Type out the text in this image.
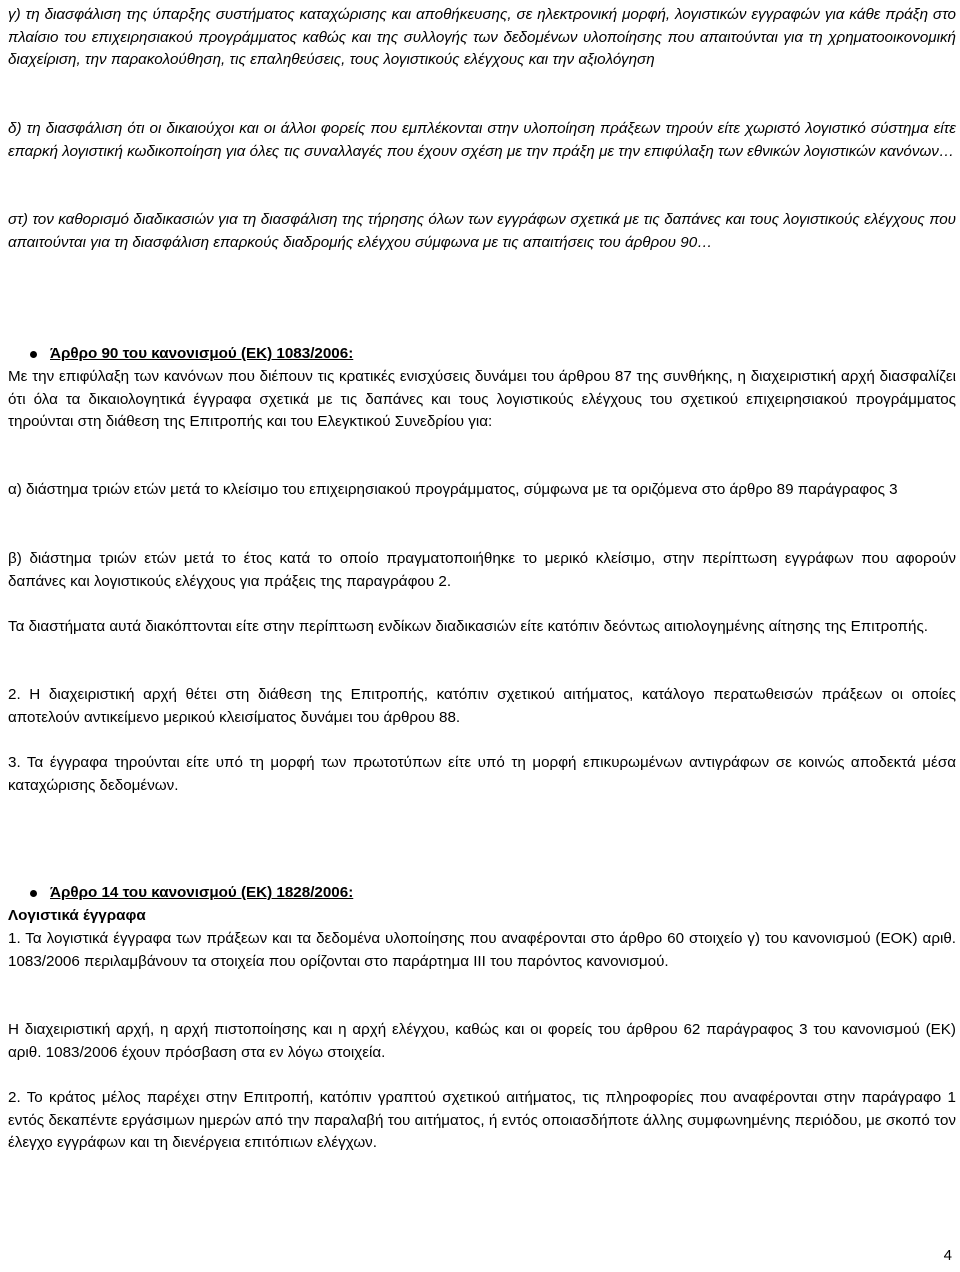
γ) τη διασφάλιση της ύπαρξης συστήματος καταχώρισης και αποθήκευσης, σε ηλεκτρονική μορφή, λογιστικών εγγραφών για κάθε πράξη στο πλαίσιο του επιχειρησιακού προγράμματος καθώς και της συλλογής των δεδομένων υλοποίησης που απαιτούνται για τη χρηματοοικονομική διαχείριση, την παρακολούθηση, τις επαληθεύσεις, τους λογιστικούς ελέγχους και την αξιολόγηση

δ) τη διασφάλιση ότι οι δικαιούχοι και οι άλλοι φορείς που εμπλέκονται στην υλοποίηση πράξεων τηρούν είτε χωριστό λογιστικό σύστημα είτε επαρκή λογιστική κωδικοποίηση για όλες τις συναλλαγές που έχουν σχέση με την πράξη με την επιφύλαξη των εθνικών λογιστικών κανόνων…

στ) τον καθορισμό διαδικασιών για τη διασφάλιση της τήρησης όλων των εγγράφων σχετικά με τις δαπάνες και τους λογιστικούς ελέγχους που απαιτούνται για τη διασφάλιση επαρκούς διαδρομής ελέγχου σύμφωνα με τις απαιτήσεις του άρθρου 90…

Άρθρο 90 του κανονισμού (ΕΚ) 1083/2006:

Με την επιφύλαξη των κανόνων που διέπουν τις κρατικές ενισχύσεις δυνάμει του άρθρου 87 της συνθήκης, η διαχειριστική αρχή διασφαλίζει ότι όλα τα δικαιολογητικά έγγραφα σχετικά με τις δαπάνες και τους λογιστικούς ελέγχους του σχετικού επιχειρησιακού προγράμματος τηρούνται στη διάθεση της Επιτροπής και του Ελεγκτικού Συνεδρίου για:

α) διάστημα τριών ετών μετά το κλείσιμο του επιχειρησιακού προγράμματος, σύμφωνα με τα οριζόμενα στο άρθρο 89 παράγραφος 3

β) διάστημα τριών ετών μετά το έτος κατά το οποίο πραγματοποιήθηκε το μερικό κλείσιμο, στην περίπτωση εγγράφων που αφορούν δαπάνες και λογιστικούς ελέγχους για πράξεις της παραγράφου 2.

Τα διαστήματα αυτά διακόπτονται είτε στην περίπτωση ενδίκων διαδικασιών είτε κατόπιν δεόντως αιτιολογημένης αίτησης της Επιτροπής.

2. Η διαχειριστική αρχή θέτει στη διάθεση της Επιτροπής, κατόπιν σχετικού αιτήματος, κατάλογο περατωθεισών πράξεων οι οποίες αποτελούν αντικείμενο μερικού κλεισίματος δυνάμει του άρθρου 88.

3. Τα έγγραφα τηρούνται είτε υπό τη μορφή των πρωτοτύπων είτε υπό τη μορφή επικυρωμένων αντιγράφων σε κοινώς αποδεκτά μέσα καταχώρισης δεδομένων.

Άρθρο 14 του κανονισμού (ΕΚ) 1828/2006:

Λογιστικά έγγραφα

1. Τα λογιστικά έγγραφα των πράξεων και τα δεδομένα υλοποίησης που αναφέρονται στο άρθρο 60 στοιχείο γ) του κανονισμού (ΕΟΚ) αριθ. 1083/2006 περιλαμβάνουν τα στοιχεία που ορίζονται στο παράρτημα ΙΙΙ του παρόντος κανονισμού.

Η διαχειριστική αρχή, η αρχή πιστοποίησης και η αρχή ελέγχου, καθώς και οι φορείς του άρθρου 62 παράγραφος 3 του κανονισμού (ΕΚ) αριθ. 1083/2006 έχουν πρόσβαση στα εν λόγω στοιχεία.

2. Το κράτος μέλος παρέχει στην Επιτροπή, κατόπιν γραπτού σχετικού αιτήματος, τις πληροφορίες που αναφέρονται στην παράγραφο 1 εντός δεκαπέντε εργάσιμων ημερών από την παραλαβή του αιτήματος, ή εντός οποιασδήποτε άλλης συμφωνημένης περιόδου, με σκοπό τον έλεγχο εγγράφων και τη διενέργεια επιτόπιων ελέγχων.

4
